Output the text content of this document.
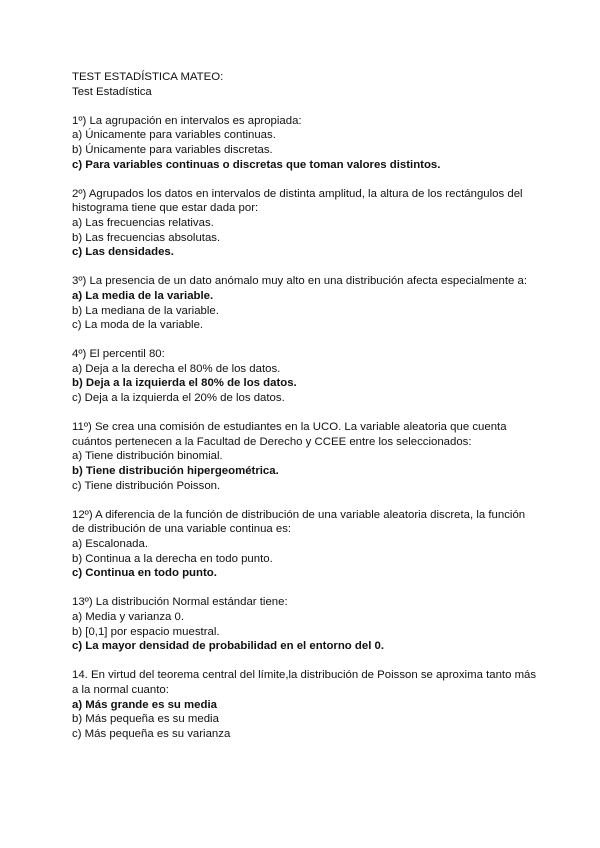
TEST ESTADÍSTICA MATEO:
Test Estadística
1º) La agrupación en intervalos es apropiada:
a) Únicamente para variables continuas.
b) Únicamente para variables discretas.
c) Para variables continuas o discretas que toman valores distintos.
2º) Agrupados los datos en intervalos de distinta amplitud, la altura de los rectángulos del histograma tiene que estar dada por:
a) Las frecuencias relativas.
b) Las frecuencias absolutas.
c) Las densidades.
3º) La presencia de un dato anómalo muy alto en una distribución afecta especialmente a:
a) La media de la variable.
b) La mediana de la variable.
c) La moda de la variable.
4º) El percentil 80:
a) Deja a la derecha el 80% de los datos.
b) Deja a la izquierda el 80% de los datos.
c) Deja a la izquierda el 20% de los datos.
11º) Se crea una comisión de estudiantes en la UCO. La variable aleatoria que cuenta cuántos pertenecen a la Facultad de Derecho y CCEE entre los seleccionados:
a) Tiene distribución binomial.
b) Tiene distribución hipergeométrica.
c) Tiene distribución Poisson.
12º) A diferencia de la función de distribución de una variable aleatoria discreta, la función de distribución de una variable continua es:
a) Escalonada.
b) Continua a la derecha en todo punto.
c) Continua en todo punto.
13º) La distribución Normal estándar tiene:
a) Media y varianza 0.
b) [0,1] por espacio muestral.
c) La mayor densidad de probabilidad en el entorno del 0.
14. En virtud del teorema central del límite,la distribución de Poisson se aproxima tanto más a la normal cuanto:
a) Más grande es su media
b) Más pequeña es su media
c) Más pequeña es su varianza
